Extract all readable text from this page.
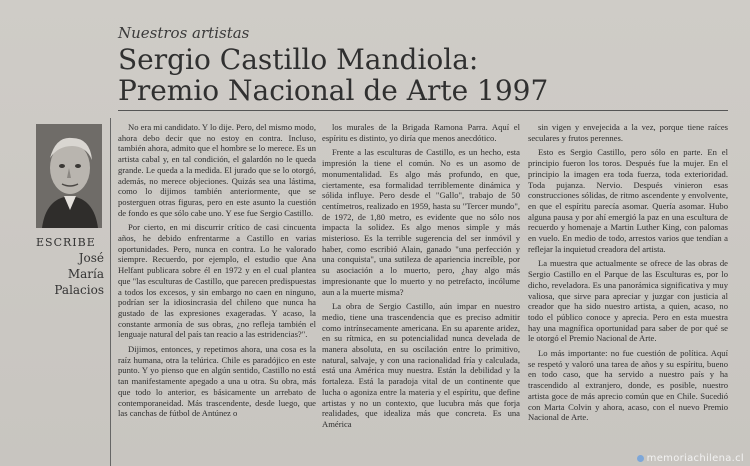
Nuestros artistas
Sergio Castillo Mandiola: Premio Nacional de Arte 1997
ESCRIBE
José
María
Palacios

No era mi candidato. Y lo dije. Pero, del mismo modo, ahora debo decir que no estoy en contra. Incluso, también ahora, admito que el hombre se lo merece. Es un artista cabal y, en tal condición, el galardón no le queda grande. Le queda a la medida. El jurado que se lo otorgó, además, no merece objeciones. Quizás sea una lástima, como lo dijimos también anteriormente, que se posterguen otras figuras, pero en este asunto la cuestión de fondo es que sólo cabe uno. Y ese fue Sergio Castillo.

Por cierto, en mi discurrir crítico de casi cincuenta años, he debido enfrentarme a Castillo en varias oportunidades. Pero, nunca en contra. Lo he valorado siempre. Recuerdo, por ejemplo, el estudio que Ana Helfant publicara sobre él en 1972 y en el cual plantea que "las esculturas de Castillo, que parecen predispuestas a todos los excesos, y sin embargo no caen en ninguno, podrían ser la idiosincrasia del chileno que nunca ha gustado de las expresiones exageradas. Y acaso, la constante armonía de sus obras, ¿no refleja también el lenguaje natural del país tan reacio a las estridencias?".

Dijimos, entonces, y repetimos ahora, una cosa es la raíz humana, otra la telúrica. Chile es paradójico en este punto. Y yo pienso que en algún sentido, Castillo no está tan manifestamente apegado a una u otra. Su obra, más que todo lo anterior, es básicamente un arrebato de contemporaneidad. Más trascendente, desde luego, que las canchas de fútbol de Antúnez o

los murales de la Brigada Ramona Parra. Aquí el espíritu es distinto, yo diría que menos anecdótico.

Frente a las esculturas de Castillo, es un hecho, esta impresión la tiene el común. No es un asomo de monumentalidad. Es algo más profundo, en que, ciertamente, esa formalidad terriblemente dinámica y sólida influye. Pero desde el "Gallo", trabajo de 50 centímetros, realizado en 1959, hasta su "Tercer mundo", de 1972, de 1,80 metro, es evidente que no sólo nos impacta la solidez. Es algo menos simple y más misterioso. Es la terrible sugerencia del ser inmóvil y haber, como escribió Alain, ganado "una perfección y una conquista", una sutileza de apariencia increíble, por su asociación a lo muerto, pero, ¿hay algo más impresionante que lo muerto y no petrefacto, incólume aun a la muerte misma?

La obra de Sergio Castillo, aún impar en nuestro medio, tiene una trascendencia que es preciso admitir como intrínsecamente americana. En su aparente aridez, en su rítmica, en su potencialidad nunca develada de manera absoluta, en su oscilación entre lo primitivo, natural, salvaje, y con una racionalidad fría y calculada, está una América muy nuestra. Están la debilidad y la fortaleza. Está la paradoja vital de un continente que lucha o agoniza entre la materia y el espíritu, que define artistas y no un contexto, que lucubra más que forja realidades, que idealiza más que concreta. Es una América

sin vigen y envejecida a la vez, porque tiene raíces seculares y frutos perennes.

Esto es Sergio Castillo, pero sólo en parte. En el principio fueron los toros. Después fue la mujer. En el principio la imagen era toda fuerza, toda exterioridad. Toda pujanza. Nervio. Después vinieron esas construcciones sólidas, de ritmo ascendente y envolvente, en que el espíritu parecía asomar. Quería asomar. Hubo alguna pausa y por ahí emergió la paz en una escultura de recuerdo y homenaje a Martin Luther King, con palomas en vuelo. En medio de todo, arrestos varios que tendían a reflejar la inquietud creadora del artista.

La muestra que actualmente se ofrece de las obras de Sergio Castillo en el Parque de las Esculturas es, por lo dicho, reveladora. Es una panorámica significativa y muy valiosa, que sirve para apreciar y juzgar con justicia al creador que ha sido nuestro artista, a quien, acaso, no todo el público conoce y aprecia. Pero en esta muestra hay una magnífica oportunidad para saber de por qué se le otorgó el Premio Nacional de Arte.

Lo más importante: no fue cuestión de política. Aquí se respetó y valoró una tarea de años y su espíritu, bueno en todo caso, que ha servido a nuestro país y ha trascendido al extranjero, donde, es posible, nuestro artista goce de más aprecio común que en Chile. Sucedió con Marta Colvin y ahora, acaso, con el nuevo Premio Nacional de Arte.

memoriachilena.cl
